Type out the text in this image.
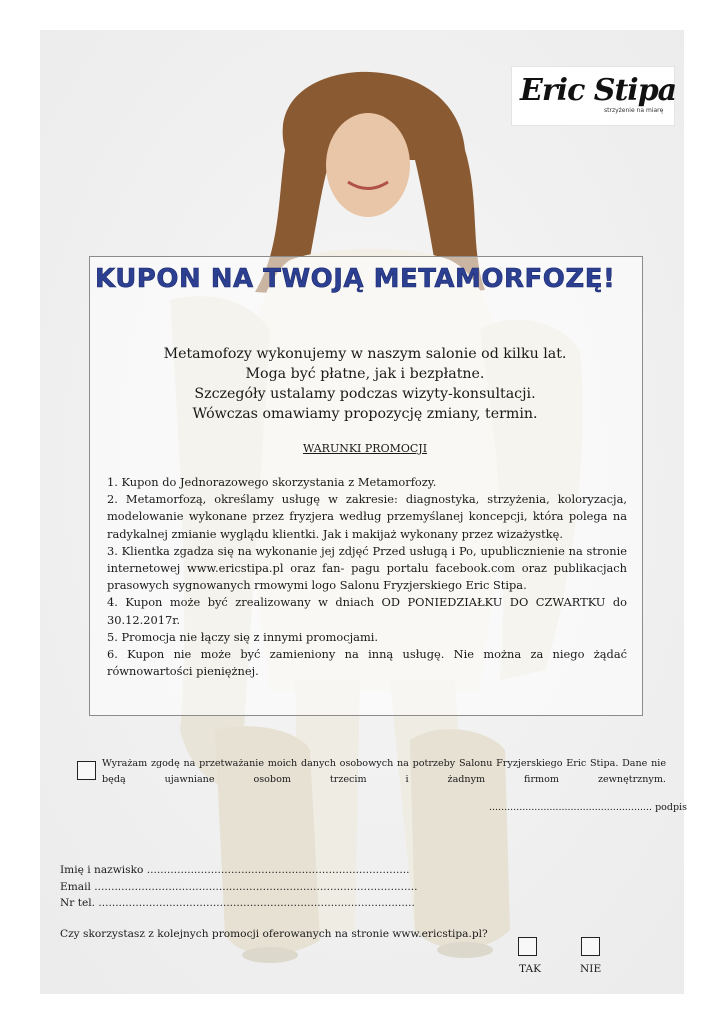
Eric Stipa
strzyżenie na miarę
KUPON NA TWOJĄ METAMORFOZĘ!
Metamofozy wykonujemy w naszym salonie od kilku lat.
Moga być płatne, jak i bezpłatne.
Szczegóły ustalamy podczas wizyty-konsultacji.
Wówczas omawiamy propozycję zmiany, termin.
WARUNKI PROMOCJI

1. Kupon do Jednorazowego skorzystania z Metamorfozy.

2. Metamorfozą, określamy usługę w zakresie: diagnostyka, strzyżenia, koloryzacja, modelowanie wykonane przez fryzjera według przemyślanej koncepcji, która polega na radykalnej zmianie wyglądu klientki. Jak i makijaż wykonany przez wizażystkę.

3. Klientka zgadza się na wykonanie jej zdjęć Przed usługą i Po, upublicznienie na stronie internetowej www.ericstipa.pl oraz fan- pagu portalu facebook.com oraz publikacjach prasowych sygnowanych rmowymi logo Salonu Fryzjerskiego Eric Stipa.

4. Kupon może być zrealizowany w dniach OD PONIEDZIAŁKU DO CZWARTKU do 30.12.2017r.

5. Promocja nie łączy się z innymi promocjami.

6. Kupon nie może być zamieniony na inną usługę. Nie można za niego żądać równowartości pieniężnej.

Wyrażam zgodę na przetważanie moich danych osobowych na potrzeby Salonu Fryzjerskiego Eric Stipa. Dane nie będą ujawniane osobom trzecim i żadnym firmom zewnętrznym.
...................................................... podpis
Imię i nazwisko ..............................................................................
Email ................................................................................................
Nr tel. ..............................................................................................
Czy skorzystasz z kolejnych promocji oferowanych na stronie www.ericstipa.pl?
TAK	NIE
